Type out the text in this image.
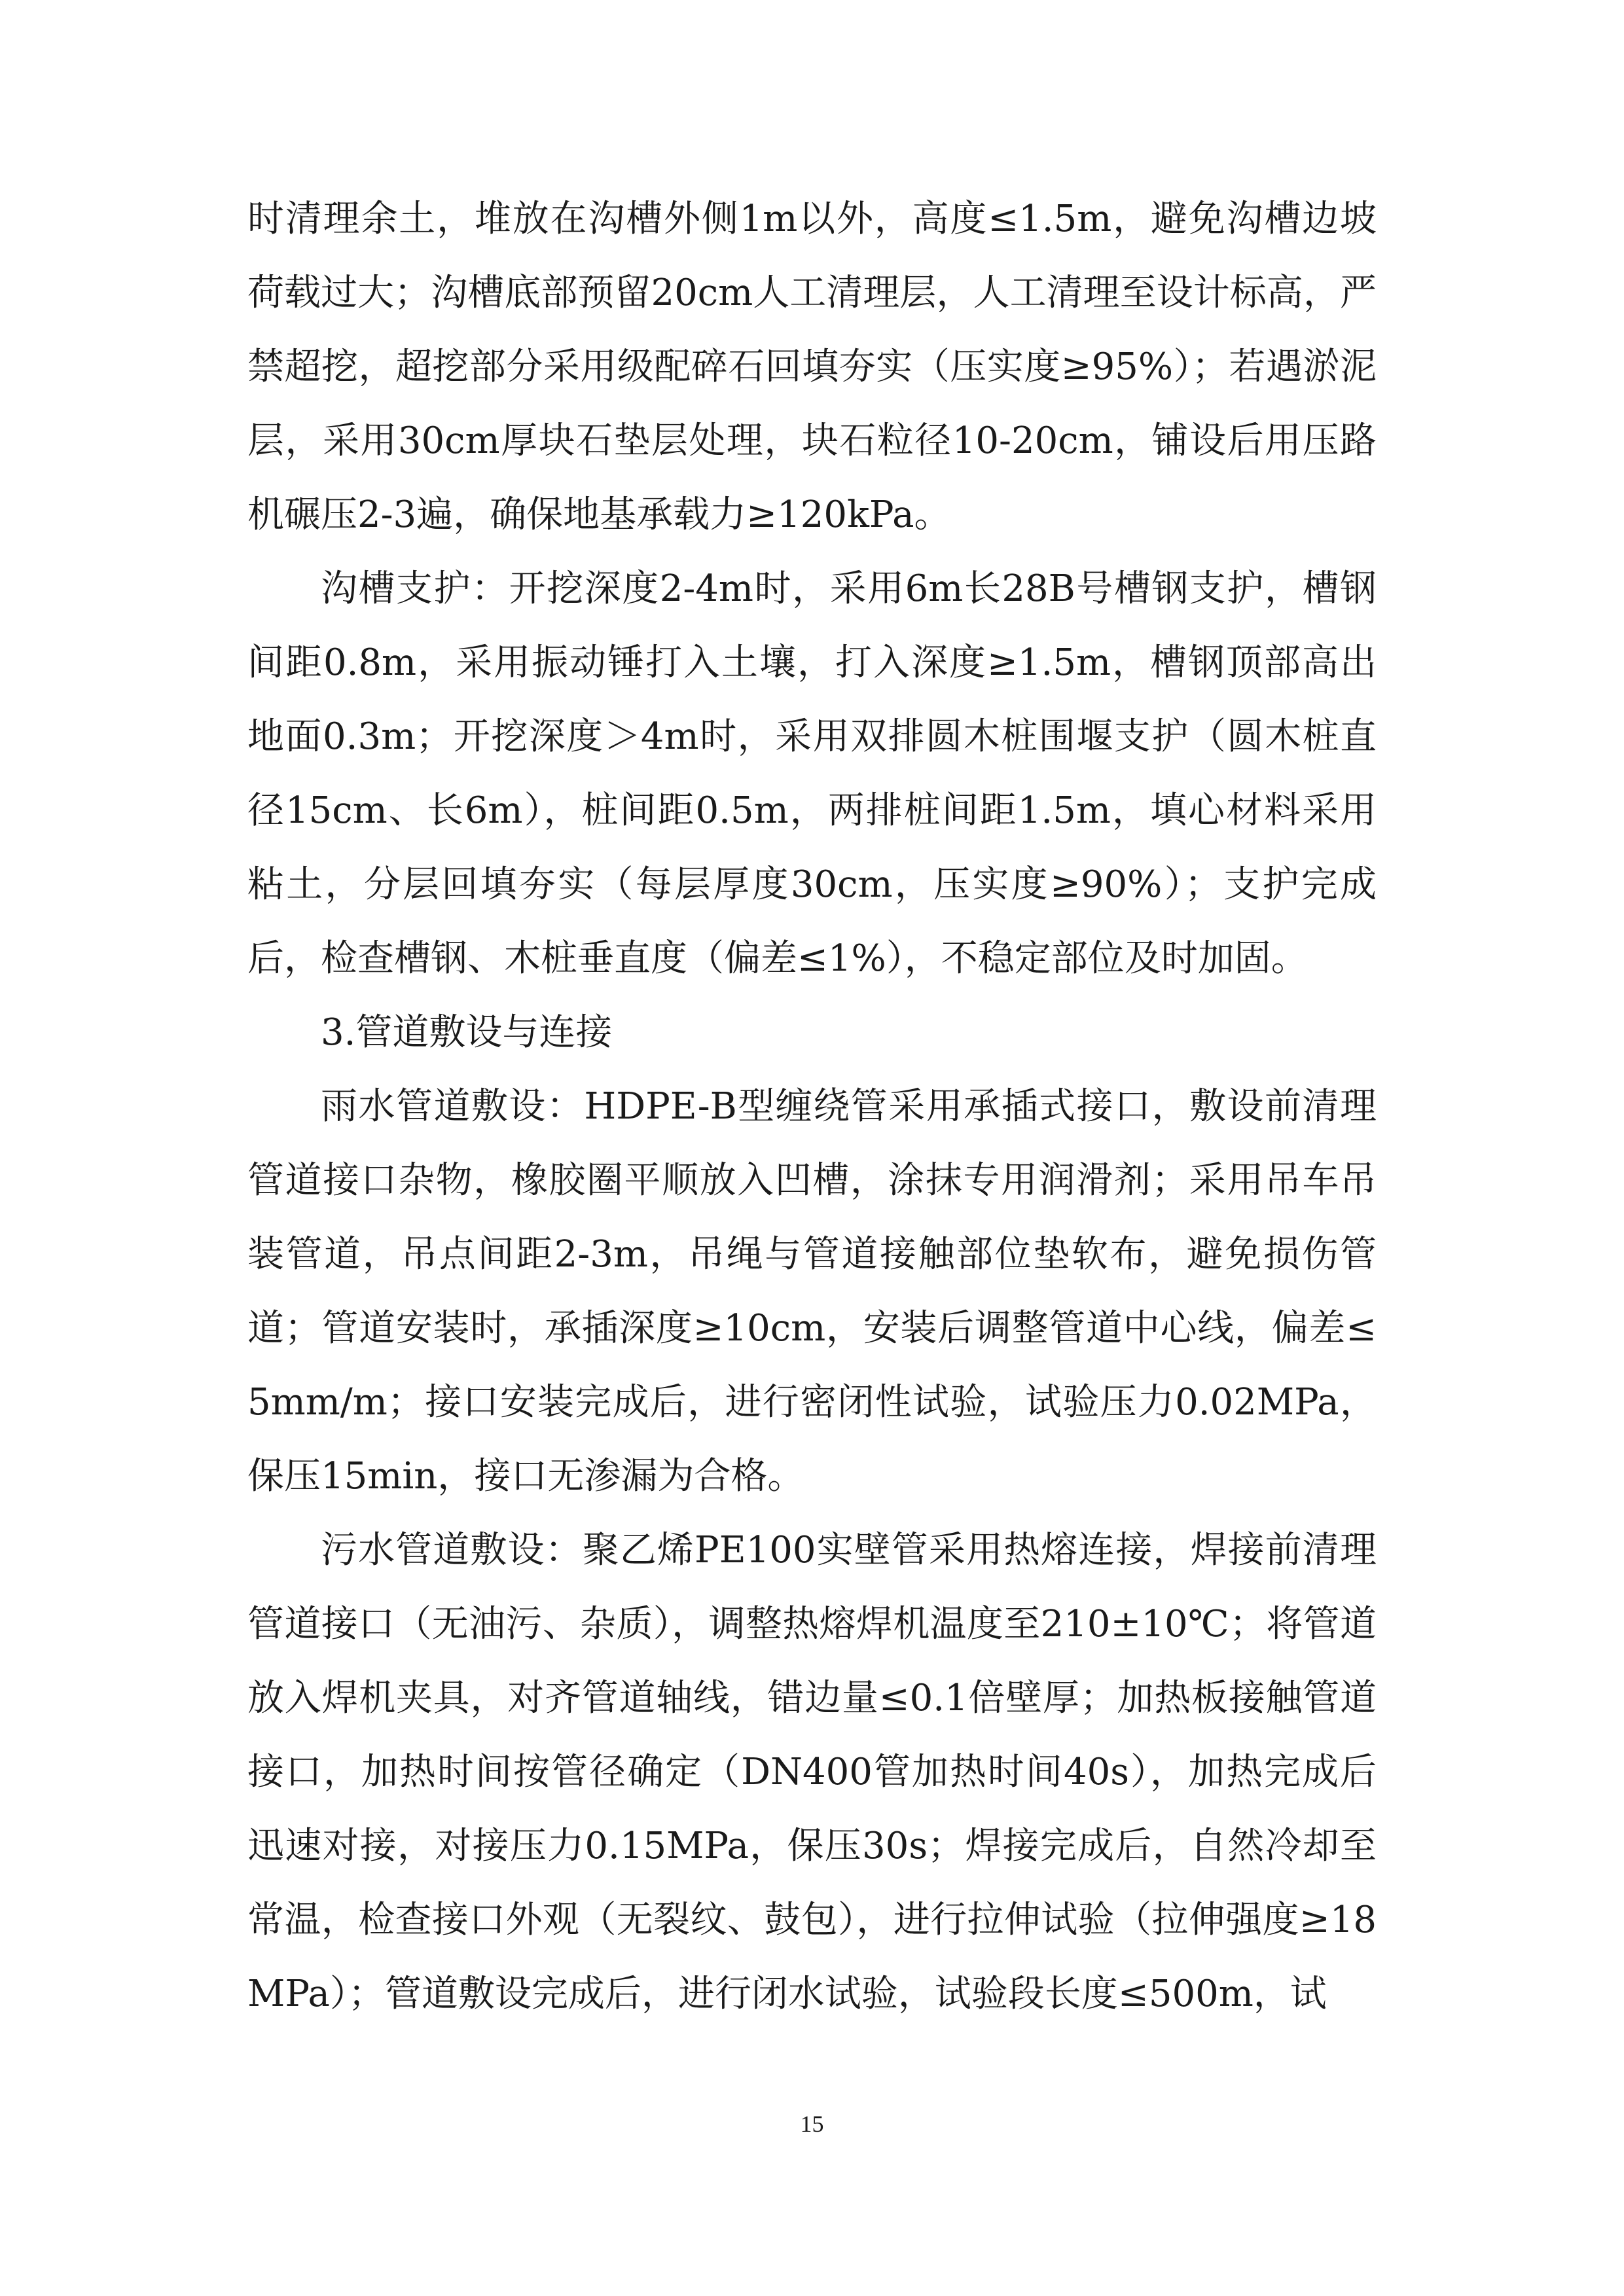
时清理余土，堆放在沟槽外侧1m以外，高度≤1.5m，避免沟槽边坡荷载过大；沟槽底部预留20cm人工清理层，人工清理至设计标高，严禁超挖，超挖部分采用级配碎石回填夯实（压实度≥95%）；若遇淤泥层，采用30cm厚块石垫层处理，块石粒径10-20cm，铺设后用压路机碾压2-3遍，确保地基承载力≥120kPa。

沟槽支护：开挖深度2-4m时，采用6m长28B号槽钢支护，槽钢间距0.8m，采用振动锤打入土壤，打入深度≥1.5m，槽钢顶部高出地面0.3m；开挖深度＞4m时，采用双排圆木桩围堰支护（圆木桩直径15cm、长6m），桩间距0.5m，两排桩间距1.5m，填心材料采用粘土，分层回填夯实（每层厚度30cm，压实度≥90%）；支护完成后，检查槽钢、木桩垂直度（偏差≤1%），不稳定部位及时加固。

3.管道敷设与连接

雨水管道敷设：HDPE-B型缠绕管采用承插式接口，敷设前清理管道接口杂物，橡胶圈平顺放入凹槽，涂抹专用润滑剂；采用吊车吊装管道，吊点间距2-3m，吊绳与管道接触部位垫软布，避免损伤管道；管道安装时，承插深度≥10cm，安装后调整管道中心线，偏差≤5mm/m；接口安装完成后，进行密闭性试验，试验压力0.02MPa，保压15min，接口无渗漏为合格。

污水管道敷设：聚乙烯PE100实壁管采用热熔连接，焊接前清理管道接口（无油污、杂质），调整热熔焊机温度至210±10℃；将管道放入焊机夹具，对齐管道轴线，错边量≤0.1倍壁厚；加热板接触管道接口，加热时间按管径确定（DN400管加热时间40s），加热完成后迅速对接，对接压力0.15MPa，保压30s；焊接完成后，自然冷却至常温，检查接口外观（无裂纹、鼓包），进行拉伸试验（拉伸强度≥18MPa）；管道敷设完成后，进行闭水试验，试验段长度≤500m，试

15
